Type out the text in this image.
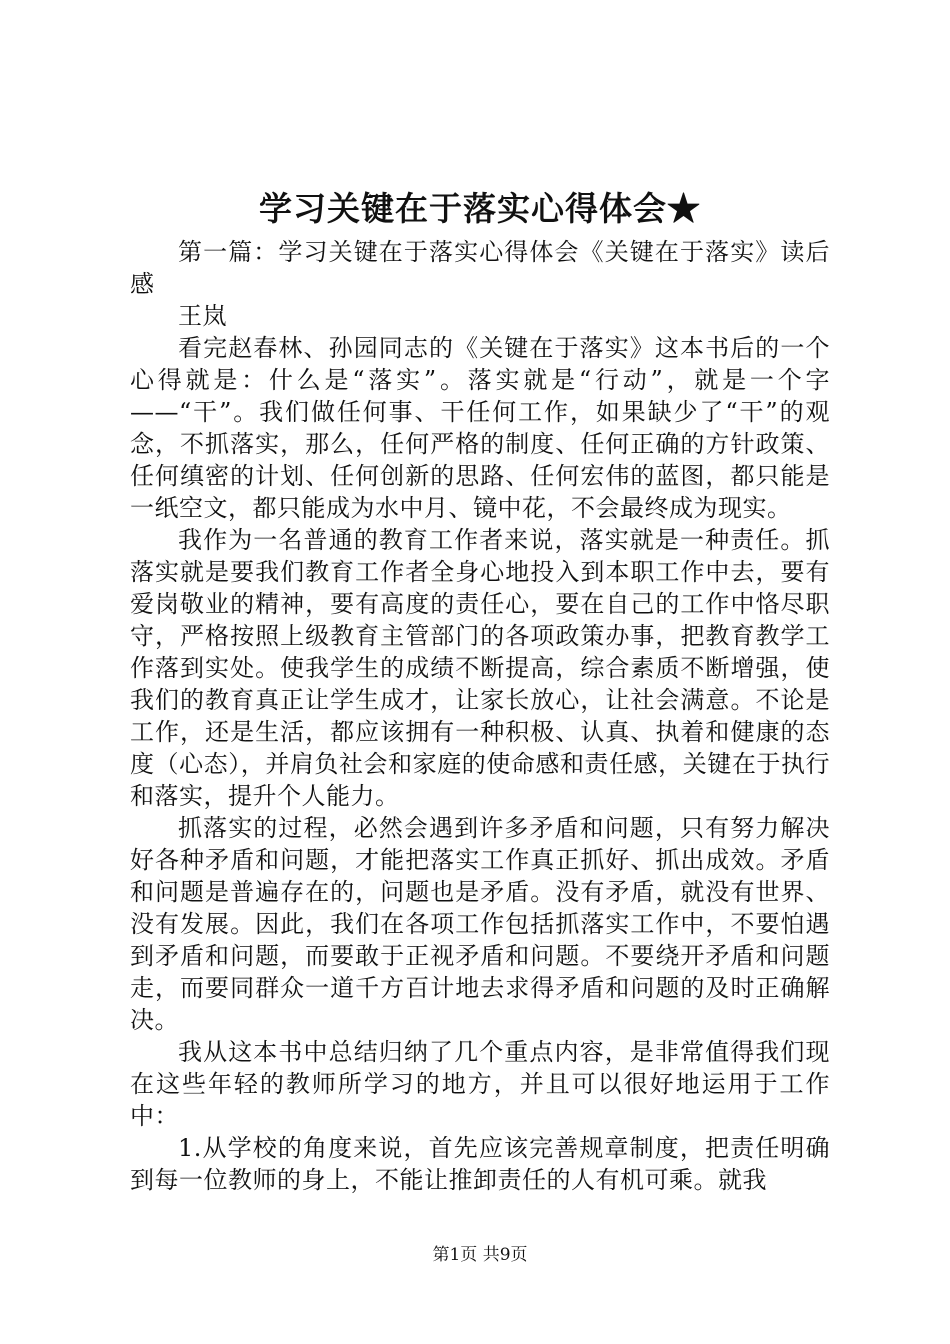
学习关键在于落实心得体会★

第一篇：学习关键在于落实心得体会《关键在于落实》读后感

王岚

看完赵春林、孙园同志的《关键在于落实》这本书后的一个心得就是：什么是“落实”。落实就是“行动”，就是一个字——“干”。我们做任何事、干任何工作，如果缺少了“干”的观念，不抓落实，那么，任何严格的制度、任何正确的方针政策、任何缜密的计划、任何创新的思路、任何宏伟的蓝图，都只能是一纸空文，都只能成为水中月、镜中花，不会最终成为现实。

我作为一名普通的教育工作者来说，落实就是一种责任。抓落实就是要我们教育工作者全身心地投入到本职工作中去，要有爱岗敬业的精神，要有高度的责任心，要在自己的工作中恪尽职守，严格按照上级教育主管部门的各项政策办事，把教育教学工作落到实处。使我学生的成绩不断提高，综合素质不断增强，使我们的教育真正让学生成才，让家长放心，让社会满意。不论是工作，还是生活，都应该拥有一种积极、认真、执着和健康的态度（心态），并肩负社会和家庭的使命感和责任感，关键在于执行和落实，提升个人能力。

抓落实的过程，必然会遇到许多矛盾和问题，只有努力解决好各种矛盾和问题，才能把落实工作真正抓好、抓出成效。矛盾和问题是普遍存在的，问题也是矛盾。没有矛盾，就没有世界、没有发展。因此，我们在各项工作包括抓落实工作中，不要怕遇到矛盾和问题，而要敢于正视矛盾和问题。不要绕开矛盾和问题走，而要同群众一道千方百计地去求得矛盾和问题的及时正确解决。

我从这本书中总结归纳了几个重点内容，是非常值得我们现在这些年轻的教师所学习的地方，并且可以很好地运用于工作中：

1.从学校的角度来说，首先应该完善规章制度，把责任明确到每一位教师的身上，不能让推卸责任的人有机可乘。就我

第1页 共9页
